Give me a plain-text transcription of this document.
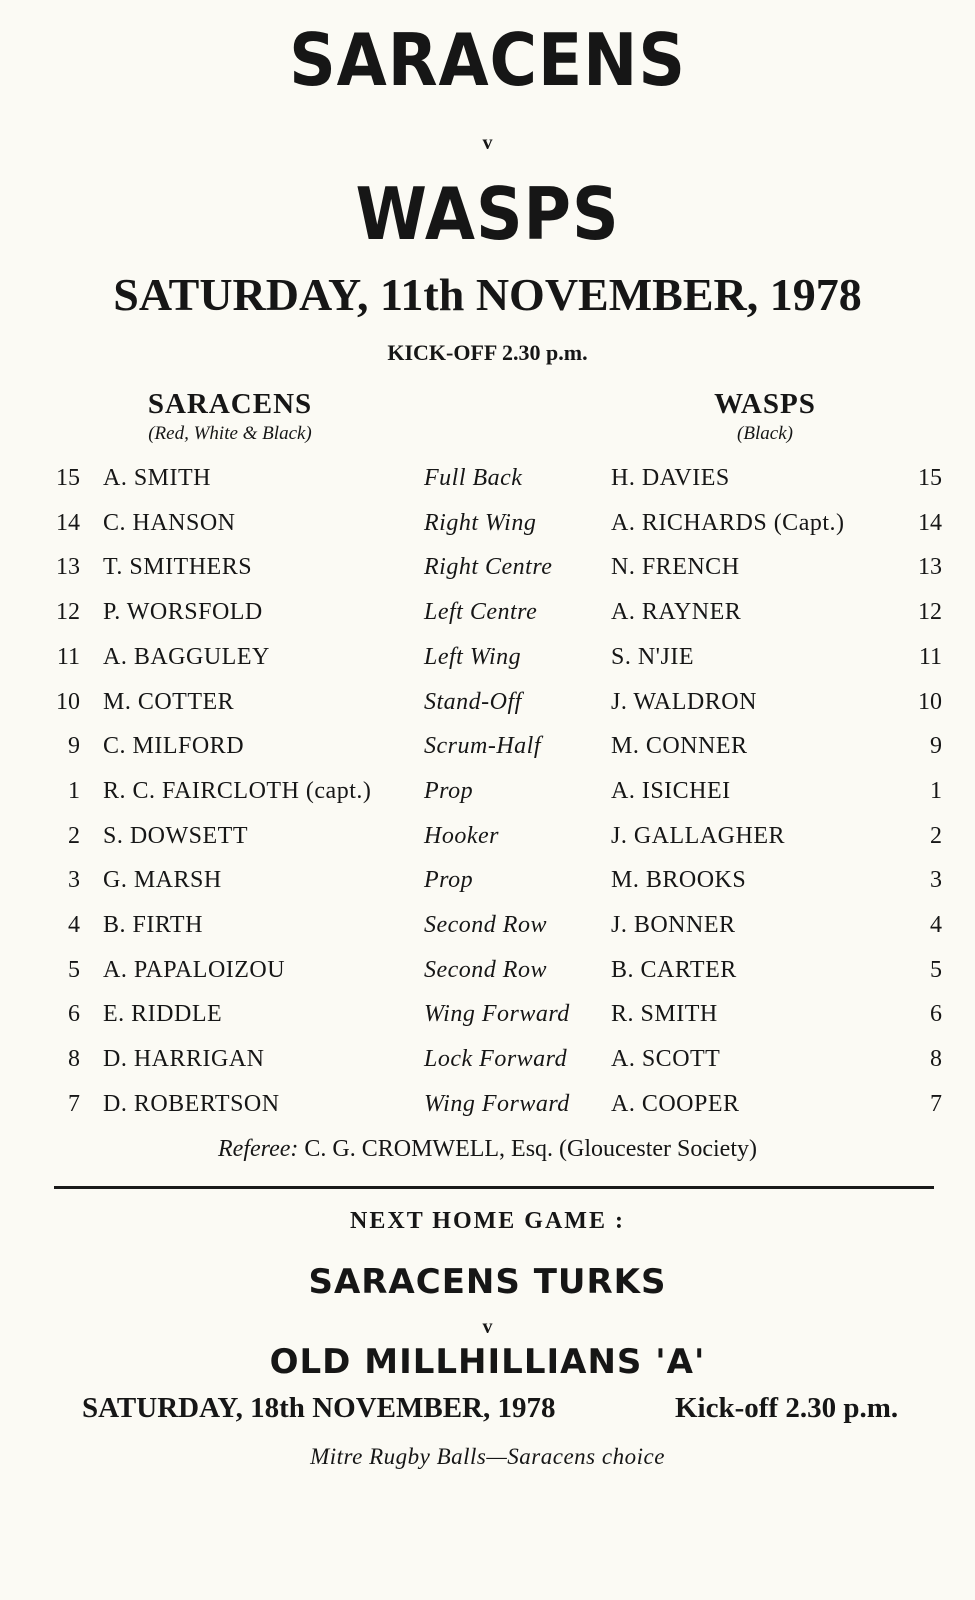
SARACENS
v
WASPS
SATURDAY, 11th NOVEMBER, 1978
KICK-OFF 2.30 p.m.
SARACENS
(Red, White & Black)
WASPS
(Black)
15 A. SMITH	Full Back	H. DAVIES	15
14 C. HANSON	Right Wing	A. RICHARDS (Capt.)	14
13 T. SMITHERS	Right Centre N. FRENCH	13
12 P. WORSFOLD	Left Centre	A. RAYNER	12
11 A. BAGGULEY	Left Wing	S. N'JIE	11
10 M. COTTER	Stand-Off	J. WALDRON	10
9 C. MILFORD	Scrum-Half	M. CONNER	9
1 R. C. FAIRCLOTH (capt.) Prop	A. ISICHEI	1
2 S. DOWSETT	Hooker	J. GALLAGHER	2
3 G. MARSH	Prop	M. BROOKS	3
4 B. FIRTH	Second Row	J. BONNER	4
5 A. PAPALOIZOU	Second Row	B. CARTER	5
6 E. RIDDLE	Wing Forward R. SMITH	6
8 D. HARRIGAN	Lock Forward A. SCOTT	8
7 D. ROBERTSON	Wing Forward A. COOPER	7
Referee: C. G. CROMWELL, Esq. (Gloucester Society)
NEXT HOME GAME :
SARACENS TURKS
v
OLD MILLHILLIANS 'A'
SATURDAY, 18th NOVEMBER, 1978	Kick-off 2.30 p.m.
Mitre Rugby Balls—Saracens choice
